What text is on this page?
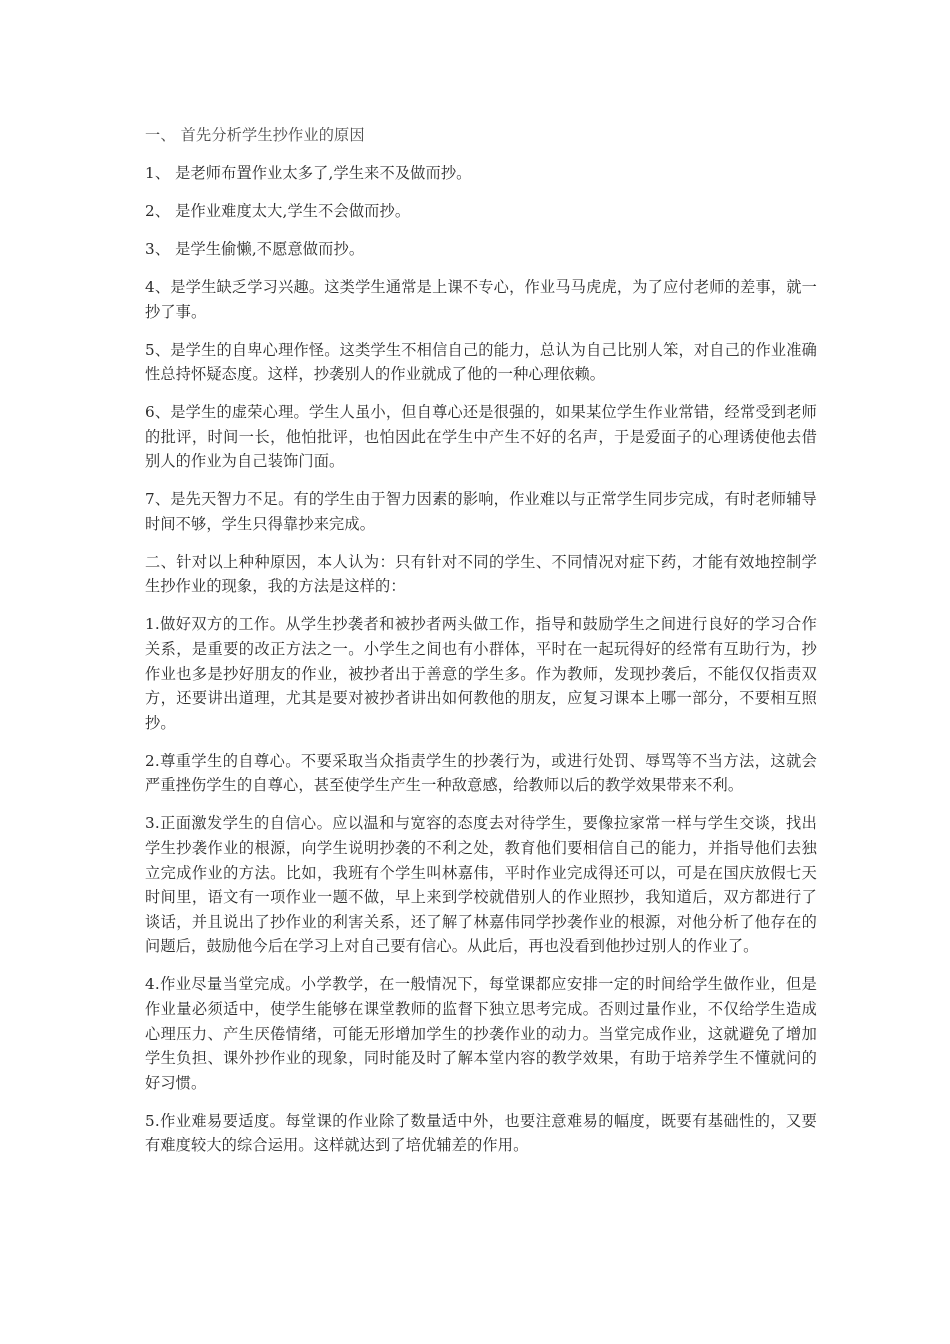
一、 首先分析学生抄作业的原因

1、 是老师布置作业太多了,学生来不及做而抄。

2、 是作业难度太大,学生不会做而抄。

3、 是学生偷懒,不愿意做而抄。

4、是学生缺乏学习兴趣。这类学生通常是上课不专心，作业马马虎虎，为了应付老师的差事，就一抄了事。

5、是学生的自卑心理作怪。这类学生不相信自己的能力，总认为自己比别人笨，对自己的作业准确性总持怀疑态度。这样，抄袭别人的作业就成了他的一种心理依赖。

6、是学生的虚荣心理。学生人虽小，但自尊心还是很强的，如果某位学生作业常错，经常受到老师的批评，时间一长，他怕批评，也怕因此在学生中产生不好的名声，于是爱面子的心理诱使他去借别人的作业为自己装饰门面。

7、是先天智力不足。有的学生由于智力因素的影响，作业难以与正常学生同步完成，有时老师辅导时间不够，学生只得靠抄来完成。

二、针对以上种种原因，本人认为：只有针对不同的学生、不同情况对症下药，才能有效地控制学生抄作业的现象，我的方法是这样的：

1.做好双方的工作。从学生抄袭者和被抄者两头做工作，指导和鼓励学生之间进行良好的学习合作关系，是重要的改正方法之一。小学生之间也有小群体，平时在一起玩得好的经常有互助行为，抄作业也多是抄好朋友的作业，被抄者出于善意的学生多。作为教师，发现抄袭后，不能仅仅指责双方，还要讲出道理，尤其是要对被抄者讲出如何教他的朋友，应复习课本上哪一部分，不要相互照抄。

2.尊重学生的自尊心。不要采取当众指责学生的抄袭行为，或进行处罚、辱骂等不当方法，这就会严重挫伤学生的自尊心，甚至使学生产生一种敌意感，给教师以后的教学效果带来不利。

3.正面激发学生的自信心。应以温和与宽容的态度去对待学生，要像拉家常一样与学生交谈，找出学生抄袭作业的根源，向学生说明抄袭的不利之处，教育他们要相信自己的能力，并指导他们去独立完成作业的方法。比如，我班有个学生叫林嘉伟，平时作业完成得还可以，可是在国庆放假七天时间里，语文有一项作业一题不做，早上来到学校就借别人的作业照抄，我知道后，双方都进行了谈话，并且说出了抄作业的利害关系，还了解了林嘉伟同学抄袭作业的根源，对他分析了他存在的问题后，鼓励他今后在学习上对自己要有信心。从此后，再也没看到他抄过别人的作业了。

4.作业尽量当堂完成。小学教学，在一般情况下，每堂课都应安排一定的时间给学生做作业，但是作业量必须适中，使学生能够在课堂教师的监督下独立思考完成。否则过量作业，不仅给学生造成心理压力、产生厌倦情绪，可能无形增加学生的抄袭作业的动力。当堂完成作业，这就避免了增加学生负担、课外抄作业的现象，同时能及时了解本堂内容的教学效果，有助于培养学生不懂就问的好习惯。

5.作业难易要适度。每堂课的作业除了数量适中外，也要注意难易的幅度，既要有基础性的，又要有难度较大的综合运用。这样就达到了培优辅差的作用。
